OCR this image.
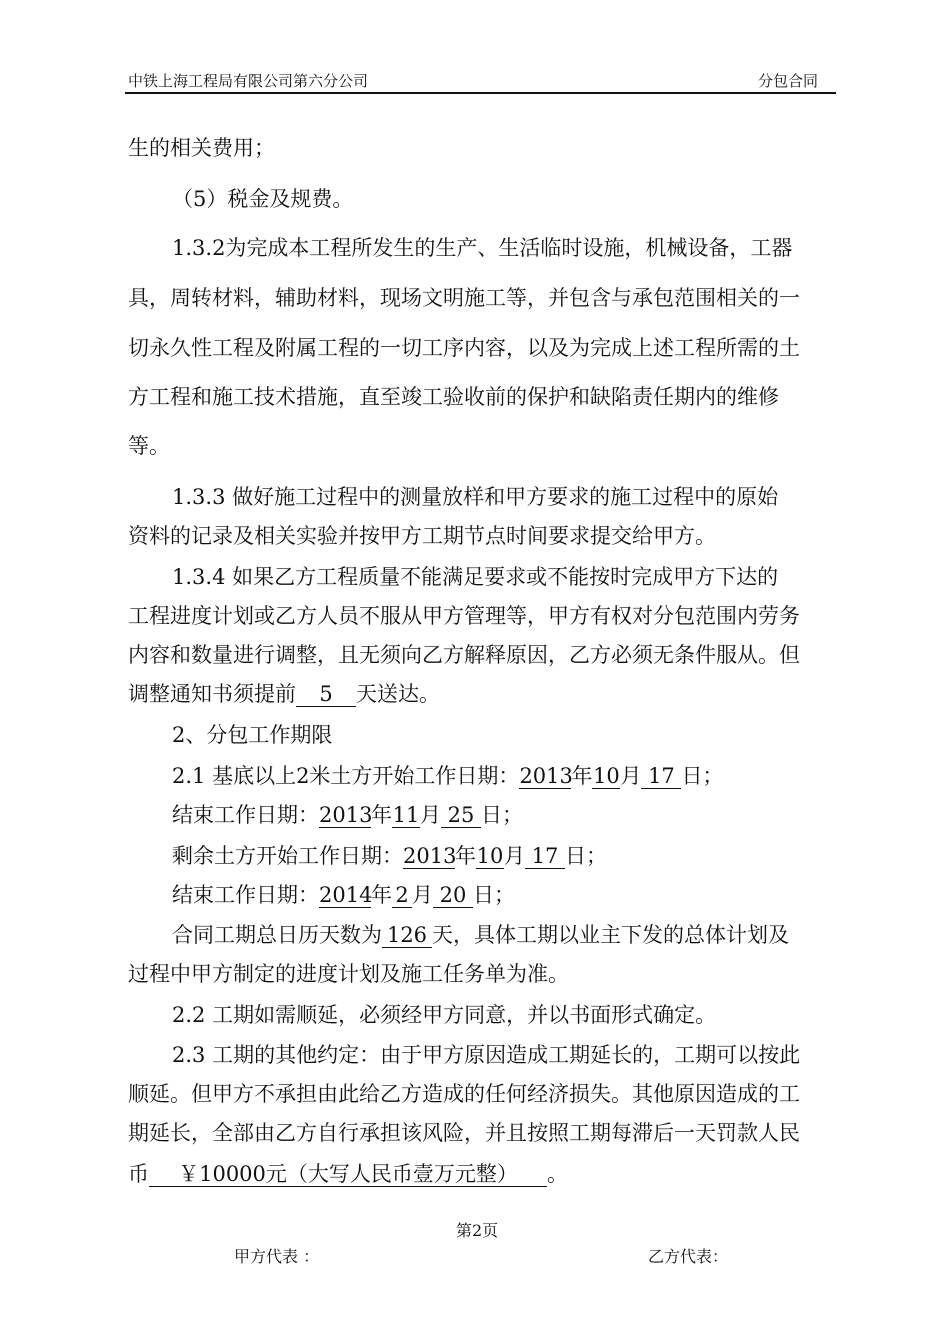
中铁上海工程局有限公司第六分公司	分包合同
生的相关费用；
（5）税金及规费。
1.3.2为完成本工程所发生的生产、生活临时设施，机械设备，工器
具，周转材料，辅助材料，现场文明施工等，并包含与承包范围相关的一
切永久性工程及附属工程的一切工序内容，以及为完成上述工程所需的土
方工程和施工技术措施，直至竣工验收前的保护和缺陷责任期内的维修
等。
1.3.3 做好施工过程中的测量放样和甲方要求的施工过程中的原始
资料的记录及相关实验并按甲方工期节点时间要求提交给甲方。
1.3.4 如果乙方工程质量不能满足要求或不能按时完成甲方下达的
工程进度计划或乙方人员不服从甲方管理等，甲方有权对分包范围内劳务
内容和数量进行调整，且无须向乙方解释原因，乙方必须无条件服从。但
调整通知书须提前 5 天送达。
2、分包工作期限
2.1 基底以上2米土方开始工作日期：2013年10月 17 日；
结束工作日期：2013年11月 25 日；
剩余土方开始工作日期：2013年10月 17 日；
结束工作日期：2014年 2 月 20 日；
合同工期总日历天数为 126 天，具体工期以业主下发的总体计划及
过程中甲方制定的进度计划及施工任务单为准。
2.2 工期如需顺延，必须经甲方同意，并以书面形式确定。
2.3 工期的其他约定：由于甲方原因造成工期延长的，工期可以按此
顺延。但甲方不承担由此给乙方造成的任何经济损失。其他原因造成的工
期延长，全部由乙方自行承担该风险，并且按照工期每滞后一天罚款人民
币 ￥10000元（大写人民币壹万元整） 。
第2页
甲方代表 ：	乙方代表：
